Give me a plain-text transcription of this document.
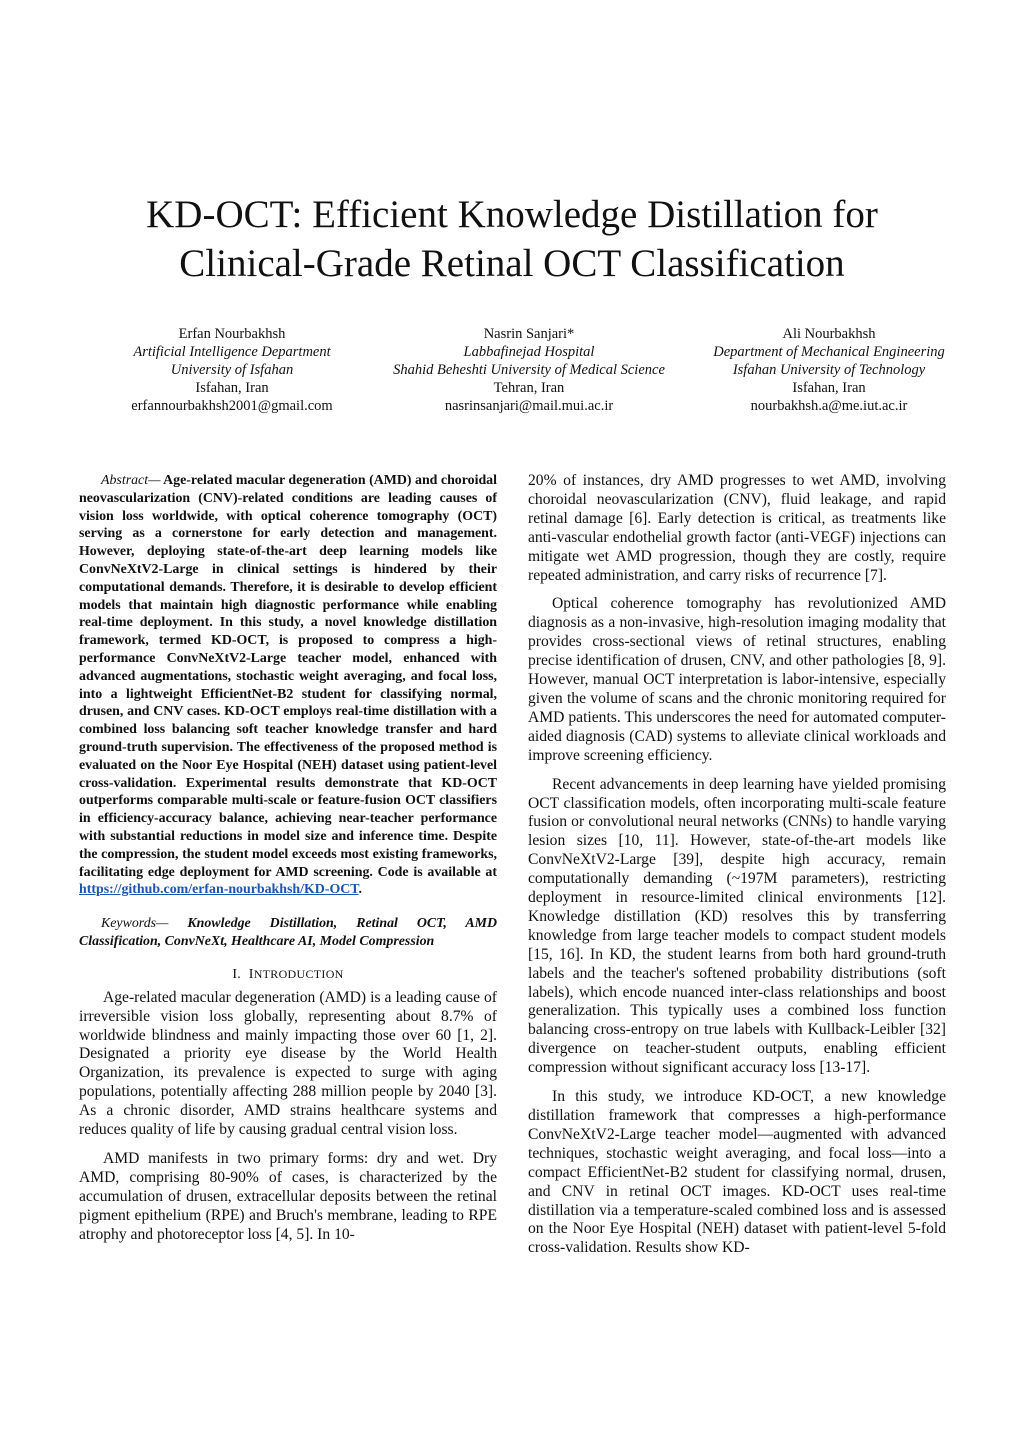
KD-OCT: Efficient Knowledge Distillation for
Clinical-Grade Retinal OCT Classification
Erfan Nourbakhsh
Artificial Intelligence Department
University of Isfahan
Isfahan, Iran
erfannourbakhsh2001@gmail.com
Nasrin Sanjari*
Labbafinejad Hospital
Shahid Beheshti University of Medical Science
Tehran, Iran
nasrinsanjari@mail.mui.ac.ir
Ali Nourbakhsh
Department of Mechanical Engineering
Isfahan University of Technology
Isfahan, Iran
nourbakhsh.a@me.iut.ac.ir

Abstract— Age-related macular degeneration (AMD) and choroidal neovascularization (CNV)-related conditions are leading causes of vision loss worldwide, with optical coherence tomography (OCT) serving as a cornerstone for early detection and management. However, deploying state-of-the-art deep learning models like ConvNeXtV2-Large in clinical settings is hindered by their computational demands. Therefore, it is desirable to develop efficient models that maintain high diagnostic performance while enabling real-time deployment. In this study, a novel knowledge distillation framework, termed KD-OCT, is proposed to compress a high-performance ConvNeXtV2-Large teacher model, enhanced with advanced augmentations, stochastic weight averaging, and focal loss, into a lightweight EfficientNet-B2 student for classifying normal, drusen, and CNV cases. KD-OCT employs real-time distillation with a combined loss balancing soft teacher knowledge transfer and hard ground-truth supervision. The effectiveness of the proposed method is evaluated on the Noor Eye Hospital (NEH) dataset using patient-level cross-validation. Experimental results demonstrate that KD-OCT outperforms comparable multi-scale or feature-fusion OCT classifiers in efficiency-accuracy balance, achieving near-teacher performance with substantial reductions in model size and inference time. Despite the compression, the student model exceeds most existing frameworks, facilitating edge deployment for AMD screening. Code is available at https://github.com/erfan-nourbakhsh/KD-OCT.

Keywords— Knowledge Distillation, Retinal OCT, AMD Classification, ConvNeXt, Healthcare AI, Model Compression

I. INTRODUCTION

Age-related macular degeneration (AMD) is a leading cause of irreversible vision loss globally, representing about 8.7% of worldwide blindness and mainly impacting those over 60 [1, 2]. Designated a priority eye disease by the World Health Organization, its prevalence is expected to surge with aging populations, potentially affecting 288 million people by 2040 [3]. As a chronic disorder, AMD strains healthcare systems and reduces quality of life by causing gradual central vision loss.

AMD manifests in two primary forms: dry and wet. Dry AMD, comprising 80-90% of cases, is characterized by the accumulation of drusen, extracellular deposits between the retinal pigment epithelium (RPE) and Bruch's membrane, leading to RPE atrophy and photoreceptor loss [4, 5]. In 10-

20% of instances, dry AMD progresses to wet AMD, involving choroidal neovascularization (CNV), fluid leakage, and rapid retinal damage [6]. Early detection is critical, as treatments like anti-vascular endothelial growth factor (anti-VEGF) injections can mitigate wet AMD progression, though they are costly, require repeated administration, and carry risks of recurrence [7].

Optical coherence tomography has revolutionized AMD diagnosis as a non-invasive, high-resolution imaging modality that provides cross-sectional views of retinal structures, enabling precise identification of drusen, CNV, and other pathologies [8, 9]. However, manual OCT interpretation is labor-intensive, especially given the volume of scans and the chronic monitoring required for AMD patients. This underscores the need for automated computer-aided diagnosis (CAD) systems to alleviate clinical workloads and improve screening efficiency.

Recent advancements in deep learning have yielded promising OCT classification models, often incorporating multi-scale feature fusion or convolutional neural networks (CNNs) to handle varying lesion sizes [10, 11]. However, state-of-the-art models like ConvNeXtV2-Large [39], despite high accuracy, remain computationally demanding (~197M parameters), restricting deployment in resource-limited clinical environments [12]. Knowledge distillation (KD) resolves this by transferring knowledge from large teacher models to compact student models [15, 16]. In KD, the student learns from both hard ground-truth labels and the teacher's softened probability distributions (soft labels), which encode nuanced inter-class relationships and boost generalization. This typically uses a combined loss function balancing cross-entropy on true labels with Kullback-Leibler [32] divergence on teacher-student outputs, enabling efficient compression without significant accuracy loss [13-17].

In this study, we introduce KD-OCT, a new knowledge distillation framework that compresses a high-performance ConvNeXtV2-Large teacher model—augmented with advanced techniques, stochastic weight averaging, and focal loss—into a compact EfficientNet-B2 student for classifying normal, drusen, and CNV in retinal OCT images. KD-OCT uses real-time distillation via a temperature-scaled combined loss and is assessed on the Noor Eye Hospital (NEH) dataset with patient-level 5-fold cross-validation. Results show KD-
